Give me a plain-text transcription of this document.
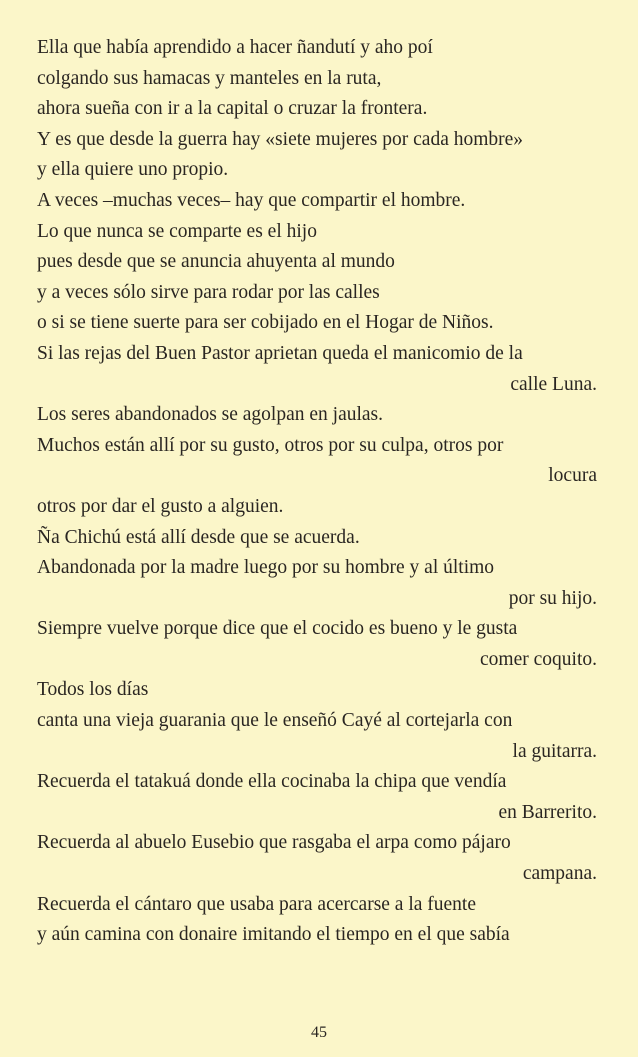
Ella que había aprendido a hacer ñandutí y aho poí
colgando sus hamacas y manteles en la ruta,
ahora sueña con ir a la capital o cruzar la frontera.
Y es que desde la guerra hay «siete mujeres por cada hombre»
y ella quiere uno propio.
A veces –muchas veces– hay que compartir el hombre.
Lo que nunca se comparte es el hijo
pues desde que se anuncia ahuyenta al mundo
y a veces sólo sirve para rodar por las calles
o si se tiene suerte para ser cobijado en el Hogar de Niños.
Si las rejas del Buen Pastor aprietan queda el manicomio de la
calle Luna.
Los seres abandonados se agolpan en jaulas.
Muchos están allí por su gusto, otros por su culpa, otros por
locura
otros por dar el gusto a alguien.
Ña Chichú está allí desde que se acuerda.
Abandonada por la madre luego por su hombre y al último
por su hijo.
Siempre vuelve porque dice que el cocido es bueno y le gusta
comer coquito.
Todos los días
canta una vieja guarania que le enseñó Cayé al cortejarla con
la guitarra.
Recuerda el tatakuá donde ella cocinaba la chipa que vendía
en Barrerito.
Recuerda al abuelo Eusebio que rasgaba el arpa como pájaro
campana.
Recuerda el cántaro que usaba para acercarse a la fuente
y aún camina con donaire imitando el tiempo en el que sabía
45
